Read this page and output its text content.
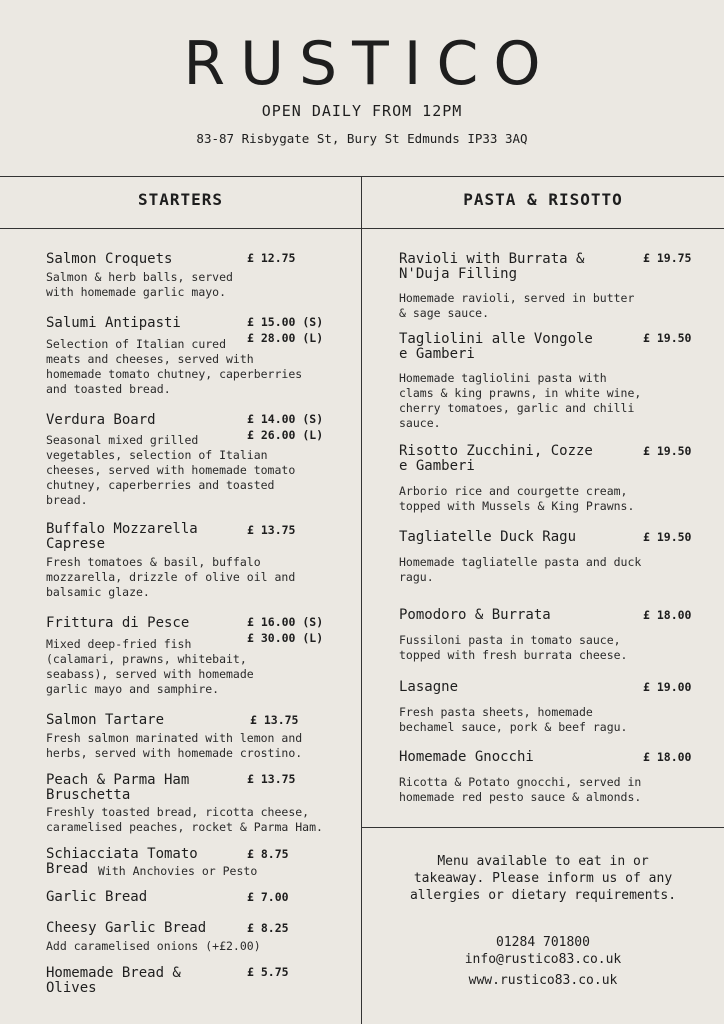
RUSTICO
OPEN DAILY FROM 12PM
83-87 Risbygate St, Bury St Edmunds IP33 3AQ
STARTERS	PASTA & RISOTTO
Salmon Croquets	£ 12.75
Salmon & herb balls, served
with homemade garlic mayo.
Salumi Antipasti	£ 15.00 (S)
£ 28.00 (L)
Selection of Italian cured
meats and cheeses, served with
homemade tomato chutney, caperberries
and toasted bread.
Verdura Board	£ 14.00 (S)
£ 26.00 (L)
Seasonal mixed grilled
vegetables, selection of Italian
cheeses, served with homemade tomato
chutney, caperberries and toasted
bread.
Buffalo Mozzarella
Caprese
£ 13.75
Fresh tomatoes & basil, buffalo
mozzarella, drizzle of olive oil and
balsamic glaze.
Frittura di Pesce	£ 16.00 (S)
£ 30.00 (L)
Mixed deep-fried fish
(calamari, prawns, whitebait,
seabass), served with homemade
garlic mayo and samphire.
Salmon Tartare	£ 13.75
Fresh salmon marinated with lemon and
herbs, served with homemade crostino.
Peach & Parma Ham
Bruschetta
£ 13.75
Freshly toasted bread, ricotta cheese,
caramelised peaches, rocket & Parma Ham.
Schiacciata Tomato
Bread
£ 8.75
With Anchovies or Pesto
Garlic Bread	£ 7.00
Cheesy Garlic Bread	£ 8.25
Add caramelised onions (+£2.00)
Homemade Bread &
Olives
£ 5.75
Ravioli with Burrata &
N'Duja Filling
£ 19.75
Homemade ravioli, served in butter
& sage sauce.
Tagliolini alle Vongole
e Gamberi
£ 19.50
Homemade tagliolini pasta with
clams & king prawns, in white wine,
cherry tomatoes, garlic and chilli
sauce.
Risotto Zucchini, Cozze
e Gamberi
£ 19.50
Arborio rice and courgette cream,
topped with Mussels & King Prawns.
Tagliatelle Duck Ragu	£ 19.50
Homemade tagliatelle pasta and duck
ragu.
Pomodoro & Burrata	£ 18.00
Fussiloni pasta in tomato sauce,
topped with fresh burrata cheese.
Lasagne	£ 19.00
Fresh pasta sheets, homemade
bechamel sauce, pork & beef ragu.
Homemade Gnocchi	£ 18.00
Ricotta & Potato gnocchi, served in
homemade red pesto sauce & almonds.
Menu available to eat in or
takeaway. Please inform us of any
allergies or dietary requirements.
01284 701800
info@rustico83.co.uk
www.rustico83.co.uk
